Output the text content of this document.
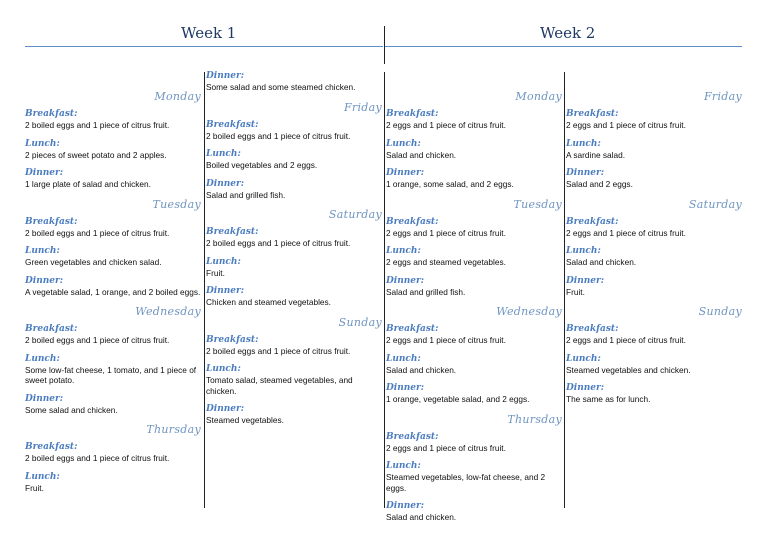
Week 1	Week 2
Monday
Breakfast:
2 boiled eggs and 1 piece of citrus fruit.
Lunch:
2 pieces of sweet potato and 2 apples.
Dinner:
1 large plate of salad and chicken.
Tuesday
Breakfast:
2 boiled eggs and 1 piece of citrus fruit.
Lunch:
Green vegetables and chicken salad.
Dinner:
A vegetable salad, 1 orange, and 2 boiled eggs.
Wednesday
Breakfast:
2 boiled eggs and 1 piece of citrus fruit.
Lunch:
Some low-fat cheese, 1 tomato, and 1 piece of sweet potato.
Dinner:
Some salad and chicken.
Thursday
Breakfast:
2 boiled eggs and 1 piece of citrus fruit.
Lunch:
Fruit.
Dinner:
Some salad and some steamed chicken.
Friday
Breakfast:
2 boiled eggs and 1 piece of citrus fruit.
Lunch:
Boiled vegetables and 2 eggs.
Dinner:
Salad and grilled fish.
Saturday
Breakfast:
2 boiled eggs and 1 piece of citrus fruit.
Lunch:
Fruit.
Dinner:
Chicken and steamed vegetables.
Sunday
Breakfast:
2 boiled eggs and 1 piece of citrus fruit.
Lunch:
Tomato salad, steamed vegetables, and chicken.
Dinner:
Steamed vegetables.
Monday
Breakfast:
2 eggs and 1 piece of citrus fruit.
Lunch:
Salad and chicken.
Dinner:
1 orange, some salad, and 2 eggs.
Tuesday
Breakfast:
2 eggs and 1 piece of citrus fruit.
Lunch:
2 eggs and steamed vegetables.
Dinner:
Salad and grilled fish.
Wednesday
Breakfast:
2 eggs and 1 piece of citrus fruit.
Lunch:
Salad and chicken.
Dinner:
1 orange, vegetable salad, and 2 eggs.
Thursday
Breakfast:
2 eggs and 1 piece of citrus fruit.
Lunch:
Steamed vegetables, low-fat cheese, and 2 eggs.
Dinner:
Salad and chicken.
Friday
Breakfast:
2 eggs and 1 piece of citrus fruit.
Lunch:
A sardine salad.
Dinner:
Salad and 2 eggs.
Saturday
Breakfast:
2 eggs and 1 piece of citrus fruit.
Lunch:
Salad and chicken.
Dinner:
Fruit.
Sunday
Breakfast:
2 eggs and 1 piece of citrus fruit.
Lunch:
Steamed vegetables and chicken.
Dinner:
The same as for lunch.
